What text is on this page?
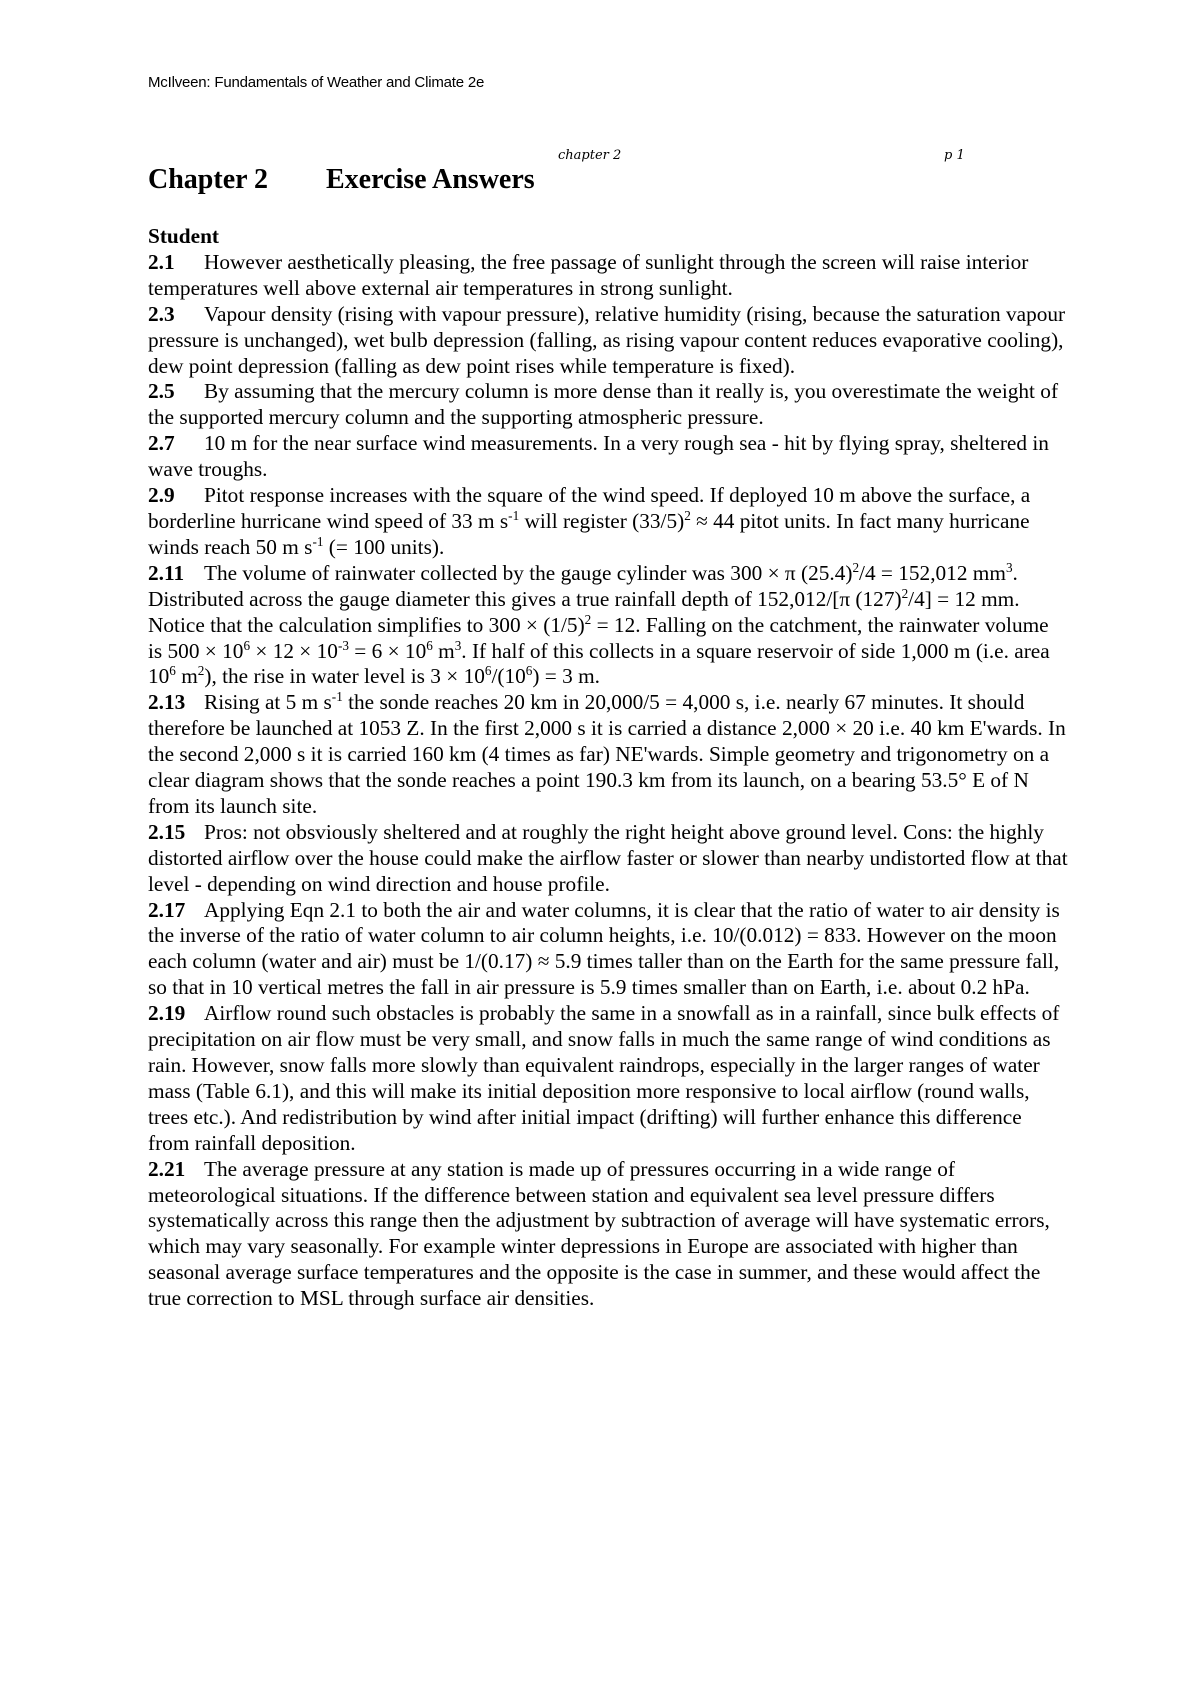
McIlveen: Fundamentals of Weather and Climate 2e
chapter 2	p 1
Chapter 2 Exercise Answers

Student

2.1 However aesthetically pleasing, the free passage of sunlight through the screen will raise interior temperatures well above external air temperatures in strong sunlight.

2.3 Vapour density (rising with vapour pressure), relative humidity (rising, because the saturation vapour pressure is unchanged), wet bulb depression (falling, as rising vapour content reduces evaporative cooling), dew point depression (falling as dew point rises while temperature is fixed).

2.5 By assuming that the mercury column is more dense than it really is, you overestimate the weight of the supported mercury column and the supporting atmospheric pressure.

2.7 10 m for the near surface wind measurements. In a very rough sea - hit by flying spray, sheltered in wave troughs.

2.9 Pitot response increases with the square of the wind speed. If deployed 10 m above the surface, a borderline hurricane wind speed of 33 m $s^{-1}$ will register $(33/5)^2 \approx 44$ pitot units. In fact many hurricane winds reach 50 m $s^{-1}$ (= 100 units).

2.11 The volume of rainwater collected by the gauge cylinder was 300 × π $(25.4)^2/4 = 152,012$ $mm^3$. Distributed across the gauge diameter this gives a true rainfall depth of 152,012/[π $(127)^2/4] = 12$ mm. Notice that the calculation simplifies to $300 \times (1/5)^2 = 12$. Falling on the catchment, the rainwater volume is $500 \times 10^6 \times 12 \times 10^{-3} = 6 \times 10^6$ $m^3$. If half of this collects in a square reservoir of side 1,000 m (i.e. area $10^6$ $m^2$), the rise in water level is $3 \times 10^6/(10^6) = 3$ m.

2.13 Rising at 5 m $s^{-1}$ the sonde reaches 20 km in 20,000/5 = 4,000 s, i.e. nearly 67 minutes. It should therefore be launched at 1053 Z. In the first 2,000 s it is carried a distance 2,000 × 20 i.e. 40 km E'wards. In the second 2,000 s it is carried 160 km (4 times as far) NE'wards. Simple geometry and trigonometry on a clear diagram shows that the sonde reaches a point 190.3 km from its launch, on a bearing 53.5° E of N from its launch site.

2.15 Pros: not obsviously sheltered and at roughly the right height above ground level. Cons: the highly distorted airflow over the house could make the airflow faster or slower than nearby undistorted flow at that level - depending on wind direction and house profile.

2.17 Applying Eqn 2.1 to both the air and water columns, it is clear that the ratio of water to air density is the inverse of the ratio of water column to air column heights, i.e. 10/(0.012) = 833. However on the moon each column (water and air) must be 1/(0.17) ≈ 5.9 times taller than on the Earth for the same pressure fall, so that in 10 vertical metres the fall in air pressure is 5.9 times smaller than on Earth, i.e. about 0.2 hPa.

2.19 Airflow round such obstacles is probably the same in a snowfall as in a rainfall, since bulk effects of precipitation on air flow must be very small, and snow falls in much the same range of wind conditions as rain. However, snow falls more slowly than equivalent raindrops, especially in the larger ranges of water mass (Table 6.1), and this will make its initial deposition more responsive to local airflow (round walls, trees etc.). And redistribution by wind after initial impact (drifting) will further enhance this difference from rainfall deposition.

2.21 The average pressure at any station is made up of pressures occurring in a wide range of meteorological situations. If the difference between station and equivalent sea level pressure differs systematically across this range then the adjustment by subtraction of average will have systematic errors, which may vary seasonally. For example winter depressions in Europe are associated with higher than seasonal average surface temperatures and the opposite is the case in summer, and these would affect the true correction to MSL through surface air densities.
